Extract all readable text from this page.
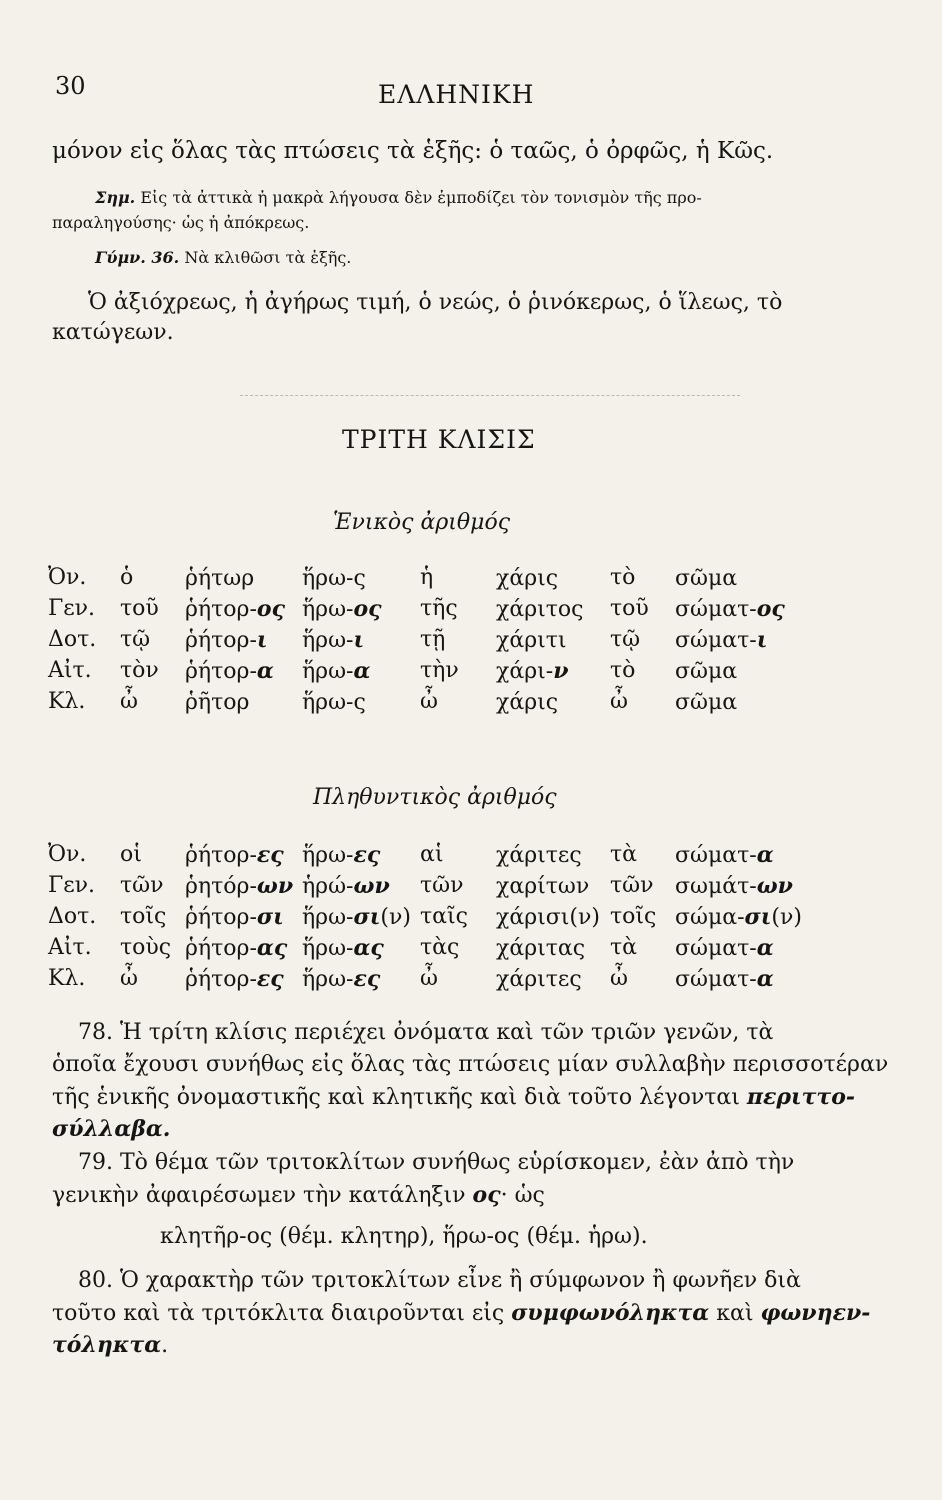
30	ΕΛΛΗΝΙΚΗ
μόνον εἰς ὅλας τὰς πτώσεις τὰ ἑξῆς: ὁ ταῶς, ὁ ὀρφῶς, ἡ Κῶς.
Σημ. Εἰς τὰ ἀττικὰ ἡ μακρὰ λήγουσα δὲν ἐμποδίζει τὸν τονισμὸν τῆς προ-
παραληγούσης· ὡς ἡ ἀπόκρεως.
Γύμν. 36. Νὰ κλιθῶσι τὰ ἑξῆς.
Ὁ ἀξιόχρεως, ἡ ἀγήρως τιμή, ὁ νεώς, ὁ ῥινόκερως, ὁ ἵλεως, τὸ
κατώγεων.
ΤΡΙΤΗ ΚΛΙΣΙΣ
Ἑνικὸς ἀριθμός
Ὀν. ὁ ῥήτωρ ἥρω-ς ἡ	χάρις τὸ σῶμα
Γεν. τοῦ ῥήτορ-ος ἥρω-ος τῆς χάριτος τοῦ σώματ-ος
Δοτ. τῷ ῥήτορ-ι ἥρω-ι	τῇ χάριτι τῷ σώματ-ι
Αἰτ. τὸν ῥήτορ-α ἥρω-α τὴν χάρι-ν τὸ σῶμα
Κλ. ὦ ῥῆτορ ἥρω-ς ὦ	χάρις ὦ σῶμα
Πληθυντικὸς ἀριθμός
Ὀν. οἱ ῥήτορ-ες ἥρω-ες αἱ χάριτες τὰ σώματ-α
Γεν. τῶν ῥητόρ-ων ἡρώ-ων τῶν χαρίτων τῶν σωμάτ-ων
Δοτ. τοῖς ῥήτορ-σι ἥρω-σι(ν) ταῖς χάρισι(ν) τοῖς σώμα-σι(ν)
Αἰτ. τοὺς ῥήτορ-ας ἥρω-ας τὰς χάριτας τὰ σώματ-α
Κλ. ὦ ῥήτορ-ες ἥρω-ες ὦ	χάριτες ὦ σώματ-α
78. Ἡ τρίτη κλίσις περιέχει ὀνόματα καὶ τῶν τριῶν γενῶν, τὰ
ὁποῖα ἔχουσι συνήθως εἰς ὅλας τὰς πτώσεις μίαν συλλαβὴν περισσοτέραν
τῆς ἑνικῆς ὀνομαστικῆς καὶ κλητικῆς καὶ διὰ τοῦτο λέγονται περιττο-
σύλλαβα.
79. Τὸ θέμα τῶν τριτοκλίτων συνήθως εὑρίσκομεν, ἐὰν ἀπὸ τὴν
γενικὴν ἀφαιρέσωμεν τὴν κατάληξιν ος· ὡς
κλητῆρ-ος (θέμ. κλητηρ), ἥρω-ος (θέμ. ἡρω).
80. Ὁ χαρακτὴρ τῶν τριτοκλίτων εἶνε ἢ σύμφωνον ἢ φωνῆεν διὰ
τοῦτο καὶ τὰ τριτόκλιτα διαιροῦνται εἰς συμφωνόληκτα καὶ φωνηεν-
τόληκτα.
